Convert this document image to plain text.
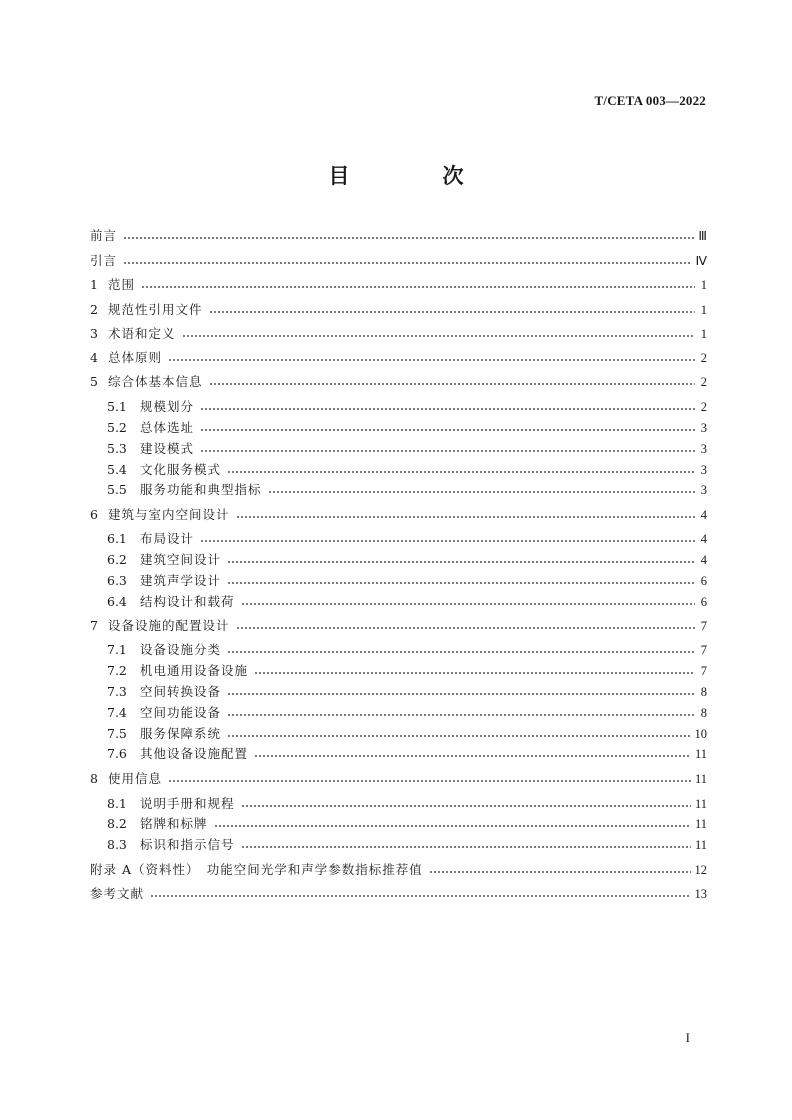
T/CETA 003—2022
目　次
前言	Ⅲ
引言	Ⅳ
1 范围	1
2 规范性引用文件	1
3 术语和定义	1
4 总体原则	2
5 综合体基本信息	2
5.1	规模划分	2
5.2	总体选址	3
5.3	建设模式	3
5.4	文化服务模式	3
5.5	服务功能和典型指标	3
6 建筑与室内空间设计	4
6.1	布局设计	4
6.2	建筑空间设计	4
6.3	建筑声学设计	6
6.4	结构设计和载荷	6
7 设备设施的配置设计	7
7.1	设备设施分类	7
7.2	机电通用设备设施	7
7.3	空间转换设备	8
7.4	空间功能设备	8
7.5	服务保障系统	10
7.6	其他设备设施配置	11
8 使用信息	11
8.1	说明手册和规程	11
8.2	铭牌和标牌	11
8.3	标识和指示信号	11
附录 A（资料性）　功能空间光学和声学参数指标推荐值	12
参考文献	13
I
